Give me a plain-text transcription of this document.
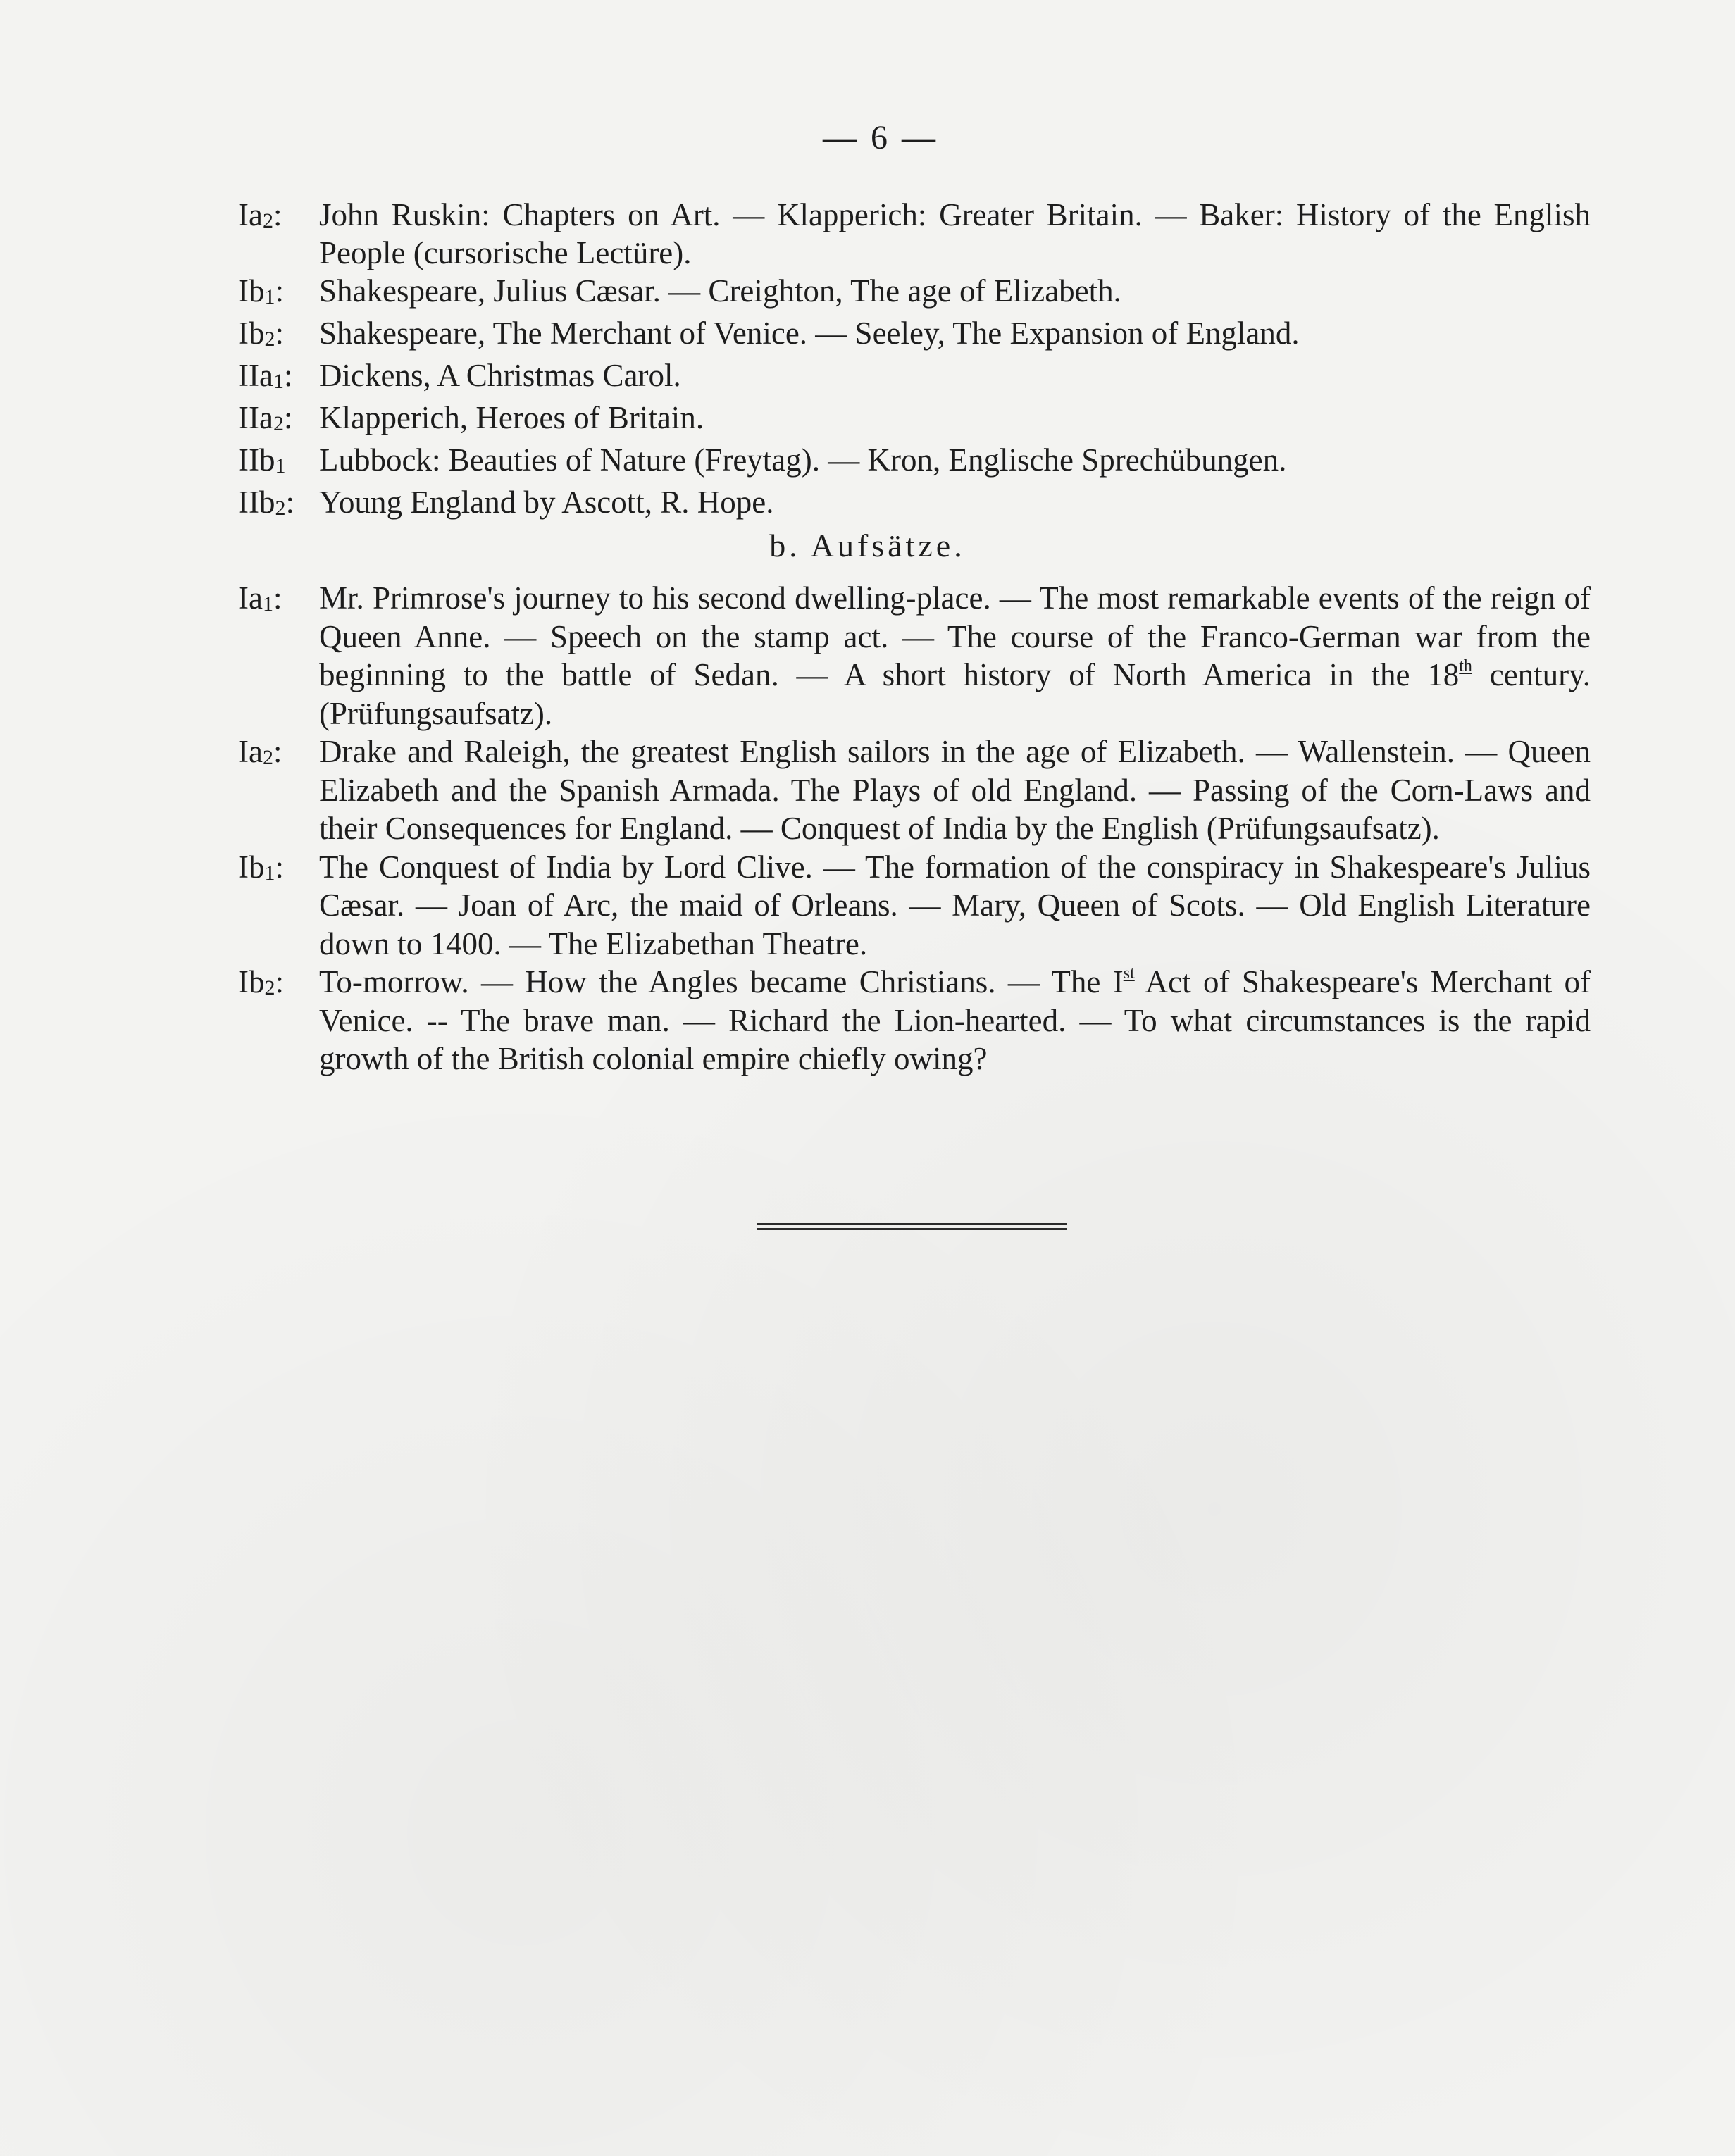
— 6 —
Ia2:	John Ruskin: Chapters on Art. — Klapperich: Greater Britain. — Baker: History of the English People (cursorische Lectüre).
Ib1:	Shakespeare, Julius Cæsar. — Creighton, The age of Elizabeth.
Ib2:	Shakespeare, The Merchant of Venice. — Seeley, The Expansion of England.
IIa1: Dickens, A Christmas Carol.
IIa2: Klapperich, Heroes of Britain.
IIb1	Lubbock: Beauties of Nature (Freytag). — Kron, Englische Sprechübungen.
IIb2: Young England by Ascott, R. Hope.
b. Aufsätze.
Ia1:	Mr. Primrose's journey to his second dwelling-place. — The most remarkable events of the reign of Queen Anne. — Speech on the stamp act. — The course of the Franco-German war from the beginning to the battle of Sedan. — A short history of North America in the 18th century. (Prüfungsaufsatz).
Ia2:	Drake and Raleigh, the greatest English sailors in the age of Elizabeth. — Wallenstein. — Queen Elizabeth and the Spanish Armada. The Plays of old England. — Passing of the Corn-Laws and their Consequences for England. — Conquest of India by the English (Prüfungsaufsatz).
Ib1:	The Conquest of India by Lord Clive. — The formation of the conspiracy in Shakespeare's Julius Cæsar. — Joan of Arc, the maid of Orleans. — Mary, Queen of Scots. — Old English Literature down to 1400. — The Elizabethan Theatre.
Ib2:	To-morrow. — How the Angles became Christians. — The Ist Act of Shakespeare's Merchant of Venice. -- The brave man. — Richard the Lion-hearted. — To what circumstances is the rapid growth of the British colonial empire chiefly owing?
